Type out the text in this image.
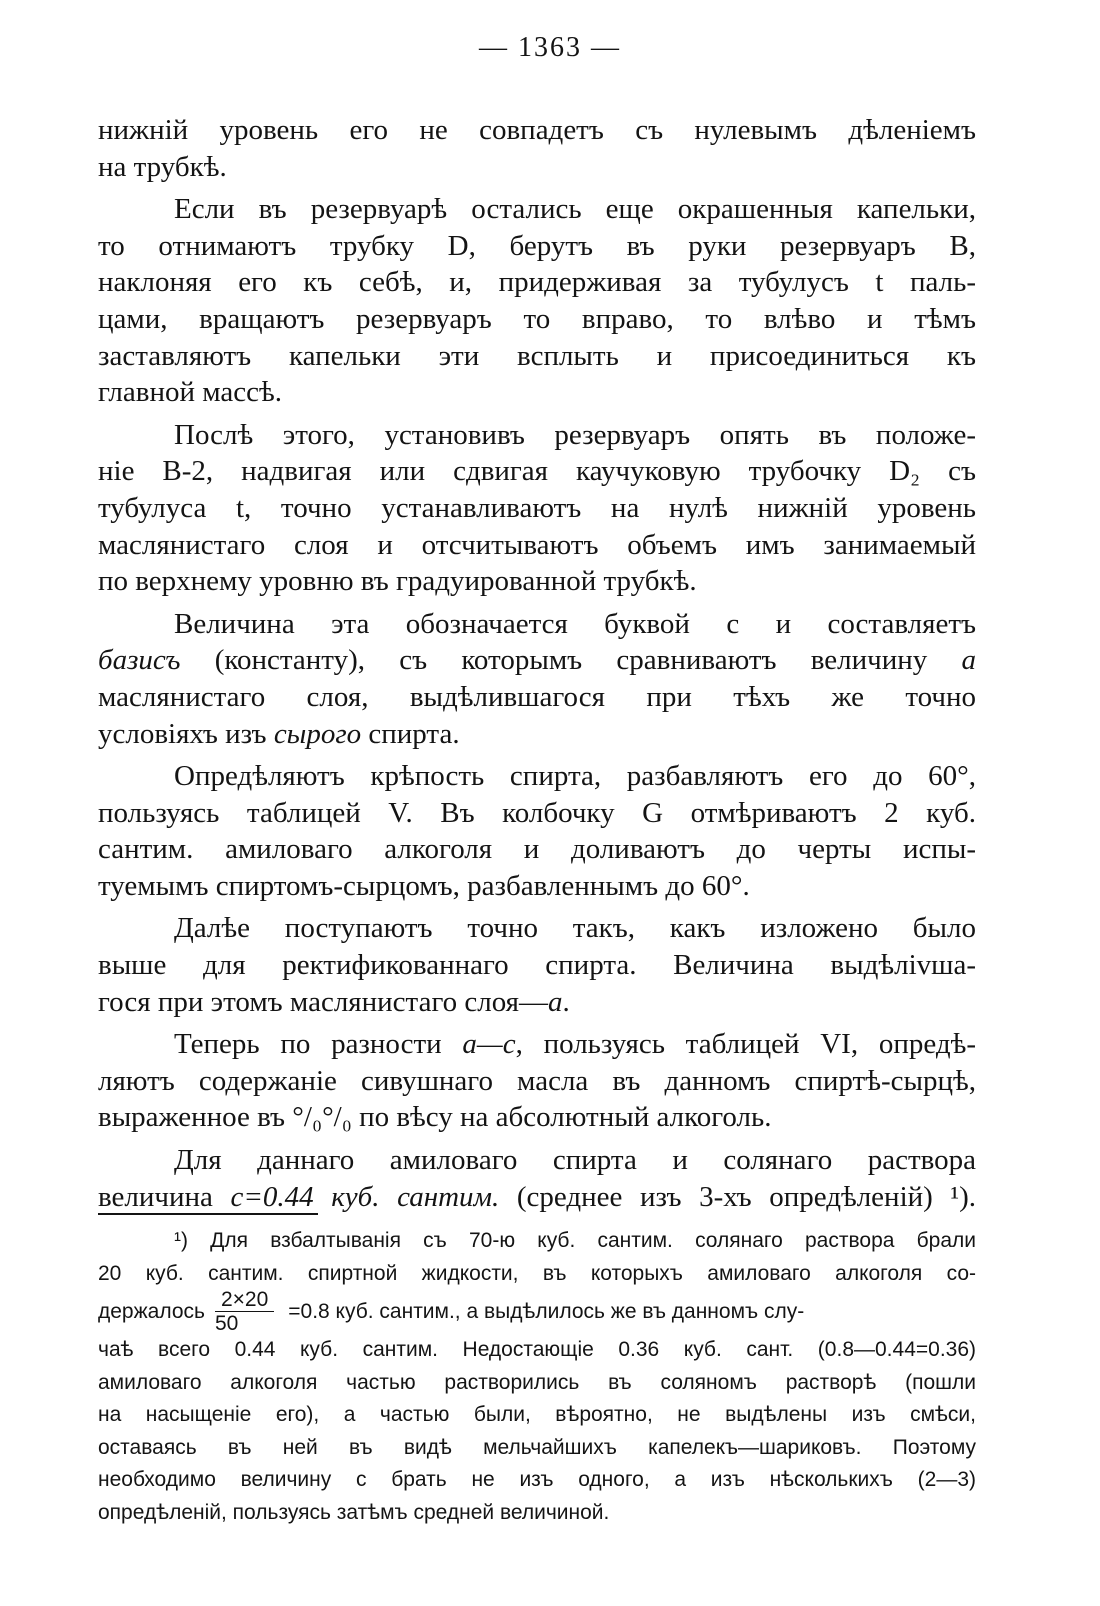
— 1363 —
нижній уровень его не совпадетъ съ нулевымъ дѣленіемъ
на трубкѣ.
Если въ резервуарѣ остались еще окрашенныя капельки,
то отнимаютъ трубку D, берутъ въ руки резервуаръ B,
наклоняя его къ себѣ, и, придерживая за тубулусъ t паль-
цами, вращаютъ резервуаръ то вправо, то влѣво и тѣмъ
заставляютъ капельки эти всплыть и присоединиться къ
главной массѣ.
Послѣ этого, установивъ резервуаръ опять въ положе-
ніе B-2, надвигая или сдвигая каучуковую трубочку D₂ съ
тубулуса t, точно устанавливаютъ на нулѣ нижній уровень
маслянистаго слоя и отсчитываютъ объемъ имъ занимаемый
по верхнему уровню въ градуированной трубкѣ.
Величина эта обозначается буквой c и составляетъ
базисъ (константу), съ которымъ сравниваютъ величину a
маслянистаго слоя, выдѣлившагося при тѣхъ же точно
условіяхъ изъ сырого спирта.
Опредѣляютъ крѣпость спирта, разбавляютъ его до 60°,
пользуясь таблицей V. Въ колбочку G отмѣриваютъ 2 куб.
сантим. амиловаго алкоголя и доливаютъ до черты испы-
туемымъ спиртомъ-сырцомъ, разбавленнымъ до 60°.
Далѣе поступаютъ точно такъ, какъ изложено было
выше для ректификованнаго спирта. Величина выдѣлivша-
гося при этомъ маслянистаго слоя—a.
Теперь по разности a—c, пользуясь таблицей VI, опредѣ-
ляютъ содержаніе сивушнаго масла въ данномъ спиртѣ-сырцѣ,
выраженное въ °/₀°/₀ по вѣсу на абсолютный алкоголь.
Для даннаго амиловаго спирта и солянаго раствора
величина c=0.44 куб. сантим. (среднее изъ 3-хъ опредѣленій) ¹).
¹) Для взбалтыванія съ 70-ю куб. сантим. солянаго раствора брали
20 куб. сантим. спиртной жидкости, въ которыхъ амиловаго алкоголя со-
держалось $\frac{2\times 20}{50} =0.8$ куб. сантим., а выдѣлилось же въ данномъ слу-
чаѣ всего 0.44 куб. сантим. Недостающіе 0.36 куб. сант. (0.8—0.44=0.36)
амиловаго алкоголя частью растворились въ соляномъ растворѣ (пошли
на насыщеніе его), а частью были, вѣроятно, не выдѣлены изъ смѣси,
оставаясь въ ней въ видѣ мельчайшихъ капелекъ—шариковъ. Поэтому
необходимо величину c брать не изъ одного, а изъ нѣсколькихъ (2—3)
опредѣленій, пользуясь затѣмъ средней величиной.
